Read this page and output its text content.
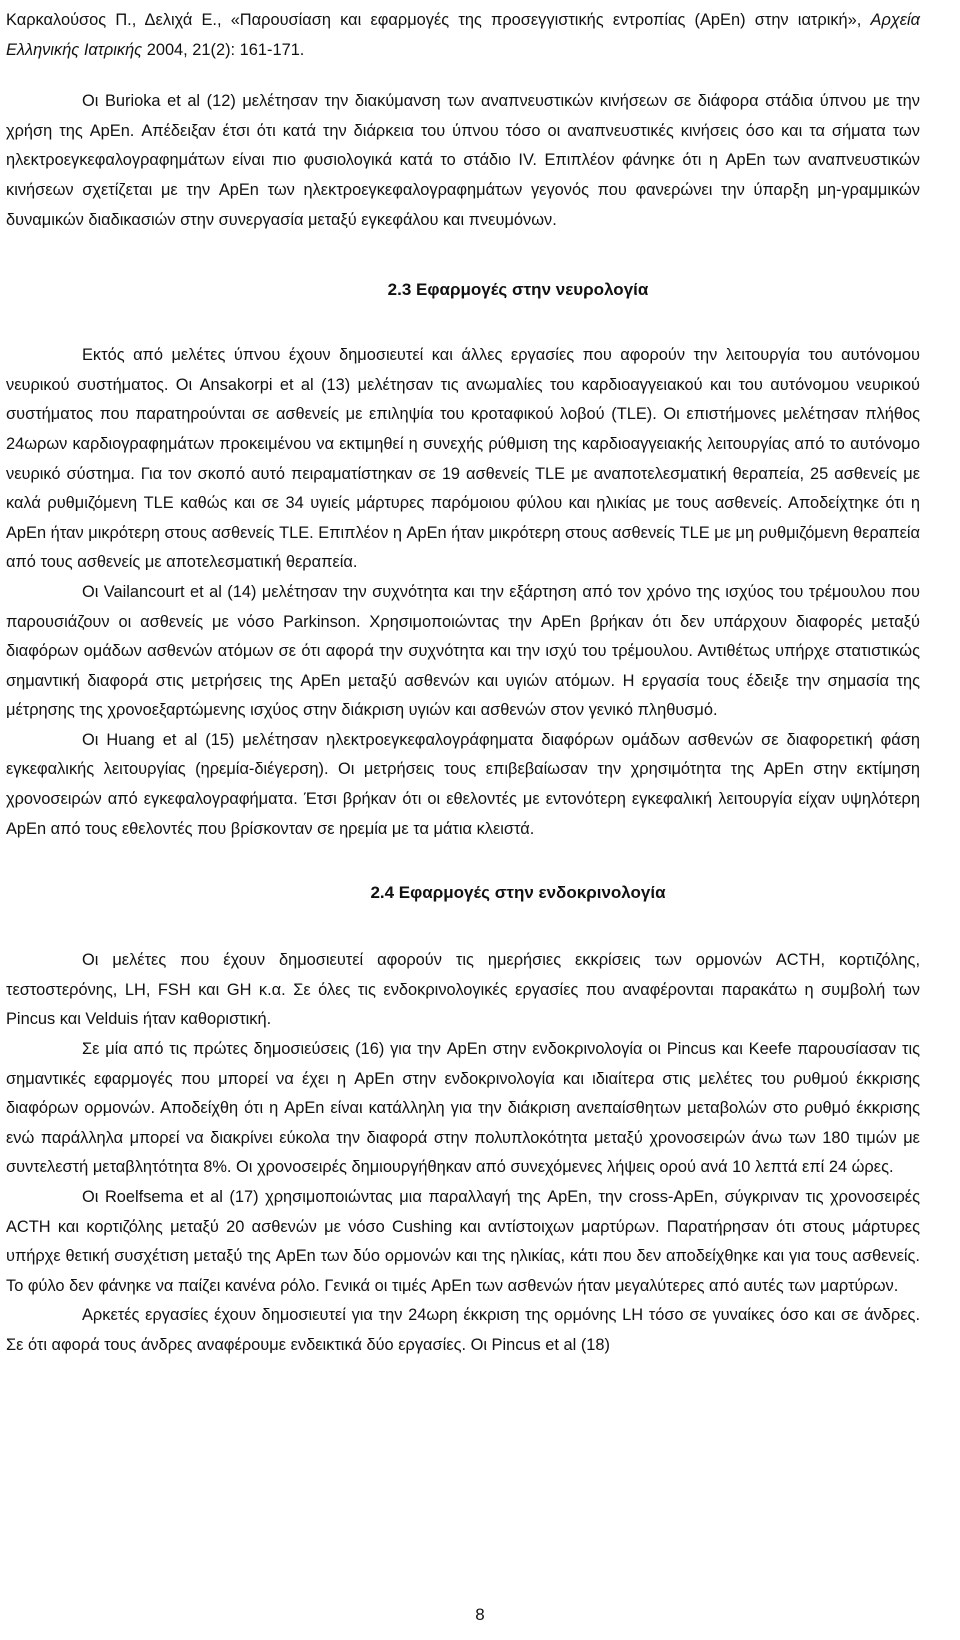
Καρκαλούσος Π., Δελιχά Ε., «Παρουσίαση και εφαρμογές της προσεγγιστικής εντροπίας (ApEn) στην ιατρική», Αρχεία Ελληνικής Ιατρικής 2004, 21(2): 161-171.

Οι Burioka et al (12) μελέτησαν την διακύμανση των αναπνευστικών κινήσεων σε διάφορα στάδια ύπνου με την χρήση της ApEn. Απέδειξαν έτσι ότι κατά την διάρκεια του ύπνου τόσο οι αναπνευστικές κινήσεις όσο και τα σήματα των ηλεκτροεγκεφαλογραφημάτων είναι πιο φυσιολογικά κατά το στάδιο IV. Επιπλέον φάνηκε ότι η ApEn των αναπνευστικών κινήσεων σχετίζεται με την ApEn των ηλεκτροεγκεφαλογραφημάτων γεγονός που φανερώνει την ύπαρξη μη-γραμμικών δυναμικών διαδικασιών στην συνεργασία μεταξύ εγκεφάλου και πνευμόνων.

2.3 Εφαρμογές στην νευρολογία

Εκτός από μελέτες ύπνου έχουν δημοσιευτεί και άλλες εργασίες που αφορούν την λειτουργία του αυτόνομου νευρικού συστήματος. Οι Ansakorpi et al (13) μελέτησαν τις ανωμαλίες του καρδιοαγγειακού και του αυτόνομου νευρικού συστήματος που παρατηρούνται σε ασθενείς με επιληψία του κροταφικού λοβού (TLE). Οι επιστήμονες μελέτησαν πλήθος 24ωρων καρδιογραφημάτων προκειμένου να εκτιμηθεί η συνεχής ρύθμιση της καρδιοαγγειακής λειτουργίας από το αυτόνομο νευρικό σύστημα. Για τον σκοπό αυτό πειραματίστηκαν σε 19 ασθενείς TLE με αναποτελεσματική θεραπεία, 25 ασθενείς με καλά ρυθμιζόμενη TLE καθώς και σε 34 υγιείς μάρτυρες παρόμοιου φύλου και ηλικίας με τους ασθενείς. Αποδείχτηκε ότι η ApEn ήταν μικρότερη στους ασθενείς TLE. Επιπλέον η ApEn ήταν μικρότερη στους ασθενείς TLE με μη ρυθμιζόμενη θεραπεία από τους ασθενείς με αποτελεσματική θεραπεία.

Οι Vailancourt et al (14) μελέτησαν την συχνότητα και την εξάρτηση από τον χρόνο της ισχύος του τρέμουλου που παρουσιάζουν οι ασθενείς με νόσο Parkinson. Χρησιμοποιώντας την ApEn βρήκαν ότι δεν υπάρχουν διαφορές μεταξύ διαφόρων ομάδων ασθενών ατόμων σε ότι αφορά την συχνότητα και την ισχύ του τρέμουλου. Αντιθέτως υπήρχε στατιστικώς σημαντική διαφορά στις μετρήσεις της ApEn μεταξύ ασθενών και υγιών ατόμων. Η εργασία τους έδειξε την σημασία της μέτρησης της χρονοεξαρτώμενης ισχύος στην διάκριση υγιών και ασθενών στον γενικό πληθυσμό.

Οι Huang et al (15) μελέτησαν ηλεκτροεγκεφαλογράφηματα διαφόρων ομάδων ασθενών σε διαφορετική φάση εγκεφαλικής λειτουργίας (ηρεμία-διέγερση). Οι μετρήσεις τους επιβεβαίωσαν την χρησιμότητα της ApEn στην εκτίμηση χρονοσειρών από εγκεφαλογραφήματα. Έτσι βρήκαν ότι οι εθελοντές με εντονότερη εγκεφαλική λειτουργία είχαν υψηλότερη ApEn από τους εθελοντές που βρίσκονταν σε ηρεμία με τα μάτια κλειστά.

2.4 Εφαρμογές στην ενδοκρινολογία

Οι μελέτες που έχουν δημοσιευτεί αφορούν τις ημερήσιες εκκρίσεις των ορμονών ACTH, κορτιζόλης, τεστοστερόνης, LH, FSH και GH κ.α. Σε όλες τις ενδοκρινολογικές εργασίες που αναφέρονται παρακάτω η συμβολή των Pincus και Velduis ήταν καθοριστική.

Σε μία από τις πρώτες δημοσιεύσεις (16) για την ApEn στην ενδοκρινολογία οι Pincus και Keefe παρουσίασαν τις σημαντικές εφαρμογές που μπορεί να έχει η ApEn στην ενδοκρινολογία και ιδιαίτερα στις μελέτες του ρυθμού έκκρισης διαφόρων ορμονών. Αποδείχθη ότι η ApEn είναι κατάλληλη για την διάκριση ανεπαίσθητων μεταβολών στο ρυθμό έκκρισης ενώ παράλληλα μπορεί να διακρίνει εύκολα την διαφορά στην πολυπλοκότητα μεταξύ χρονοσειρών άνω των 180 τιμών με συντελεστή μεταβλητότητα 8%. Οι χρονοσειρές δημιουργήθηκαν από συνεχόμενες λήψεις ορού ανά 10 λεπτά επί 24 ώρες.

Οι Roelfsema et al (17) χρησιμοποιώντας μια παραλλαγή της ApEn, την cross-ApEn, σύγκριναν τις χρονοσειρές ACTH και κορτιζόλης μεταξύ 20 ασθενών με νόσο Cushing και αντίστοιχων μαρτύρων. Παρατήρησαν ότι στους μάρτυρες υπήρχε θετική συσχέτιση μεταξύ της ApEn των δύο ορμονών και της ηλικίας, κάτι που δεν αποδείχθηκε και για τους ασθενείς. Το φύλο δεν φάνηκε να παίζει κανένα ρόλο. Γενικά οι τιμές ApEn των ασθενών ήταν μεγαλύτερες από αυτές των μαρτύρων.

Αρκετές εργασίες έχουν δημοσιευτεί για την 24ωρη έκκριση της ορμόνης LH τόσο σε γυναίκες όσο και σε άνδρες. Σε ότι αφορά τους άνδρες αναφέρουμε ενδεικτικά δύο εργασίες. Οι Pincus et al (18)

8
